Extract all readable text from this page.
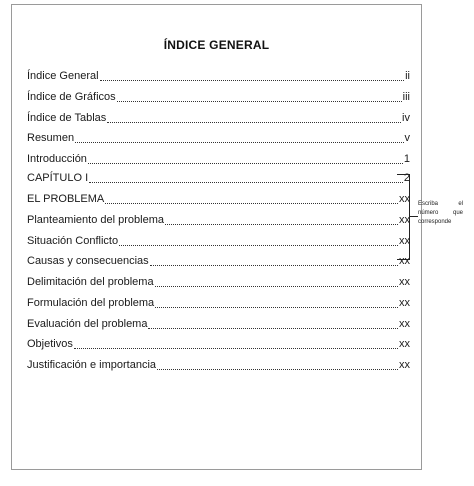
ÍNDICE GENERAL
Índice General	ii
Índice de Gráficos	iii
Índice de Tablas	iv
Resumen	v
Introducción	1
CAPÍTULO I	2
EL PROBLEMA	xx
Planteamiento del problema	xx
Situación Conflicto	xx
Causas y consecuencias	xx
Delimitación del problema	xx
Formulación del problema	xx
Evaluación del problema	xx
Objetivos	xx
Justificación e importancia	xx
Escriba el
número que
corresponde
